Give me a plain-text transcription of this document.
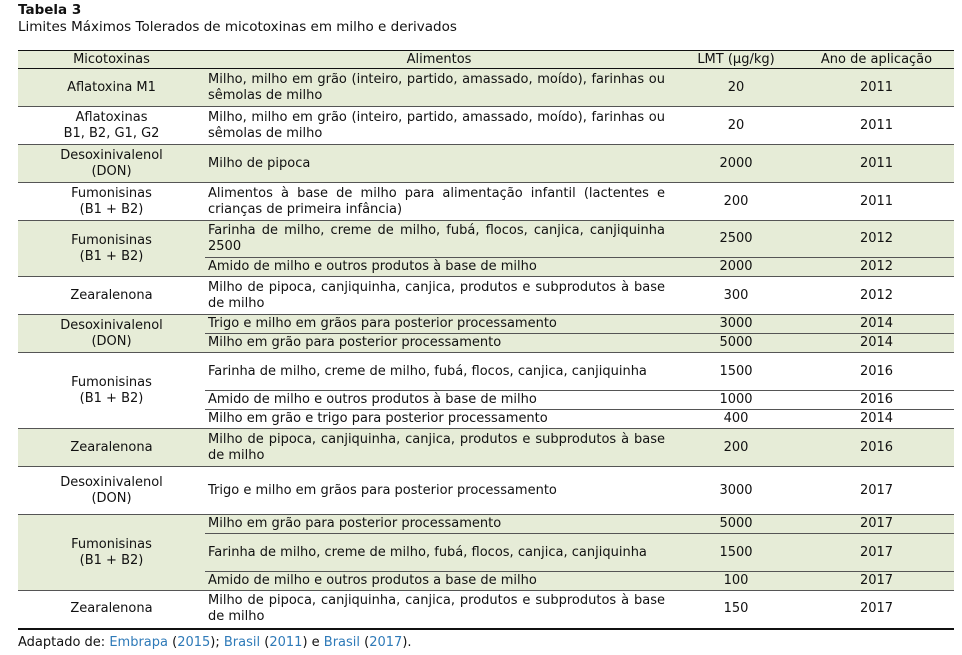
Tabela 3
Limites Máximos Tolerados de micotoxinas em milho e derivados
Micotoxinas	Alimentos	LMT (μg/kg)	Ano de aplicação
Aflatoxina M1	Milho, milho em grão (inteiro, partido, amassado, moído), farinhas ou sêmolas de milho	20	2011
Aflatoxinas
B1, B2, G1, G2	Milho, milho em grão (inteiro, partido, amassado, moído), farinhas ou sêmolas de milho	20	2011
Desoxinivalenol
(DON)	Milho de pipoca	2000	2011
Fumonisinas
(B1 + B2)	Alimentos à base de milho para alimentação infantil (lactentes e crianças de primeira infância)	200	2011
Fumonisinas
(B1 + B2)	Farinha de milho, creme de milho, fubá, flocos, canjica, canjiquinha 2500	2500	2012
	Amido de milho e outros produtos à base de milho	2000	2012
Zearalenona	Milho de pipoca, canjiquinha, canjica, produtos e subprodutos à base de milho	300	2012
Desoxinivalenol
(DON)	Trigo e milho em grãos para posterior processamento	3000	2014
	Milho em grão para posterior processamento	5000	2014
Fumonisinas
(B1 + B2)	Farinha de milho, creme de milho, fubá, flocos, canjica, canjiquinha	1500	2016
	Amido de milho e outros produtos à base de milho	1000	2016
	Milho em grão e trigo para posterior processamento	400	2014
Zearalenona	Milho de pipoca, canjiquinha, canjica, produtos e subprodutos à base de milho	200	2016
Desoxinivalenol
(DON)	Trigo e milho em grãos para posterior processamento	3000	2017
Fumonisinas
(B1 + B2)	Milho em grão para posterior processamento	5000	2017
	Farinha de milho, creme de milho, fubá, flocos, canjica, canjiquinha	1500	2017
	Amido de milho e outros produtos a base de milho	100	2017
Zearalenona	Milho de pipoca, canjiquinha, canjica, produtos e subprodutos à base de milho	150	2017
Adaptado de: Embrapa (2015); Brasil (2011) e Brasil (2017).
